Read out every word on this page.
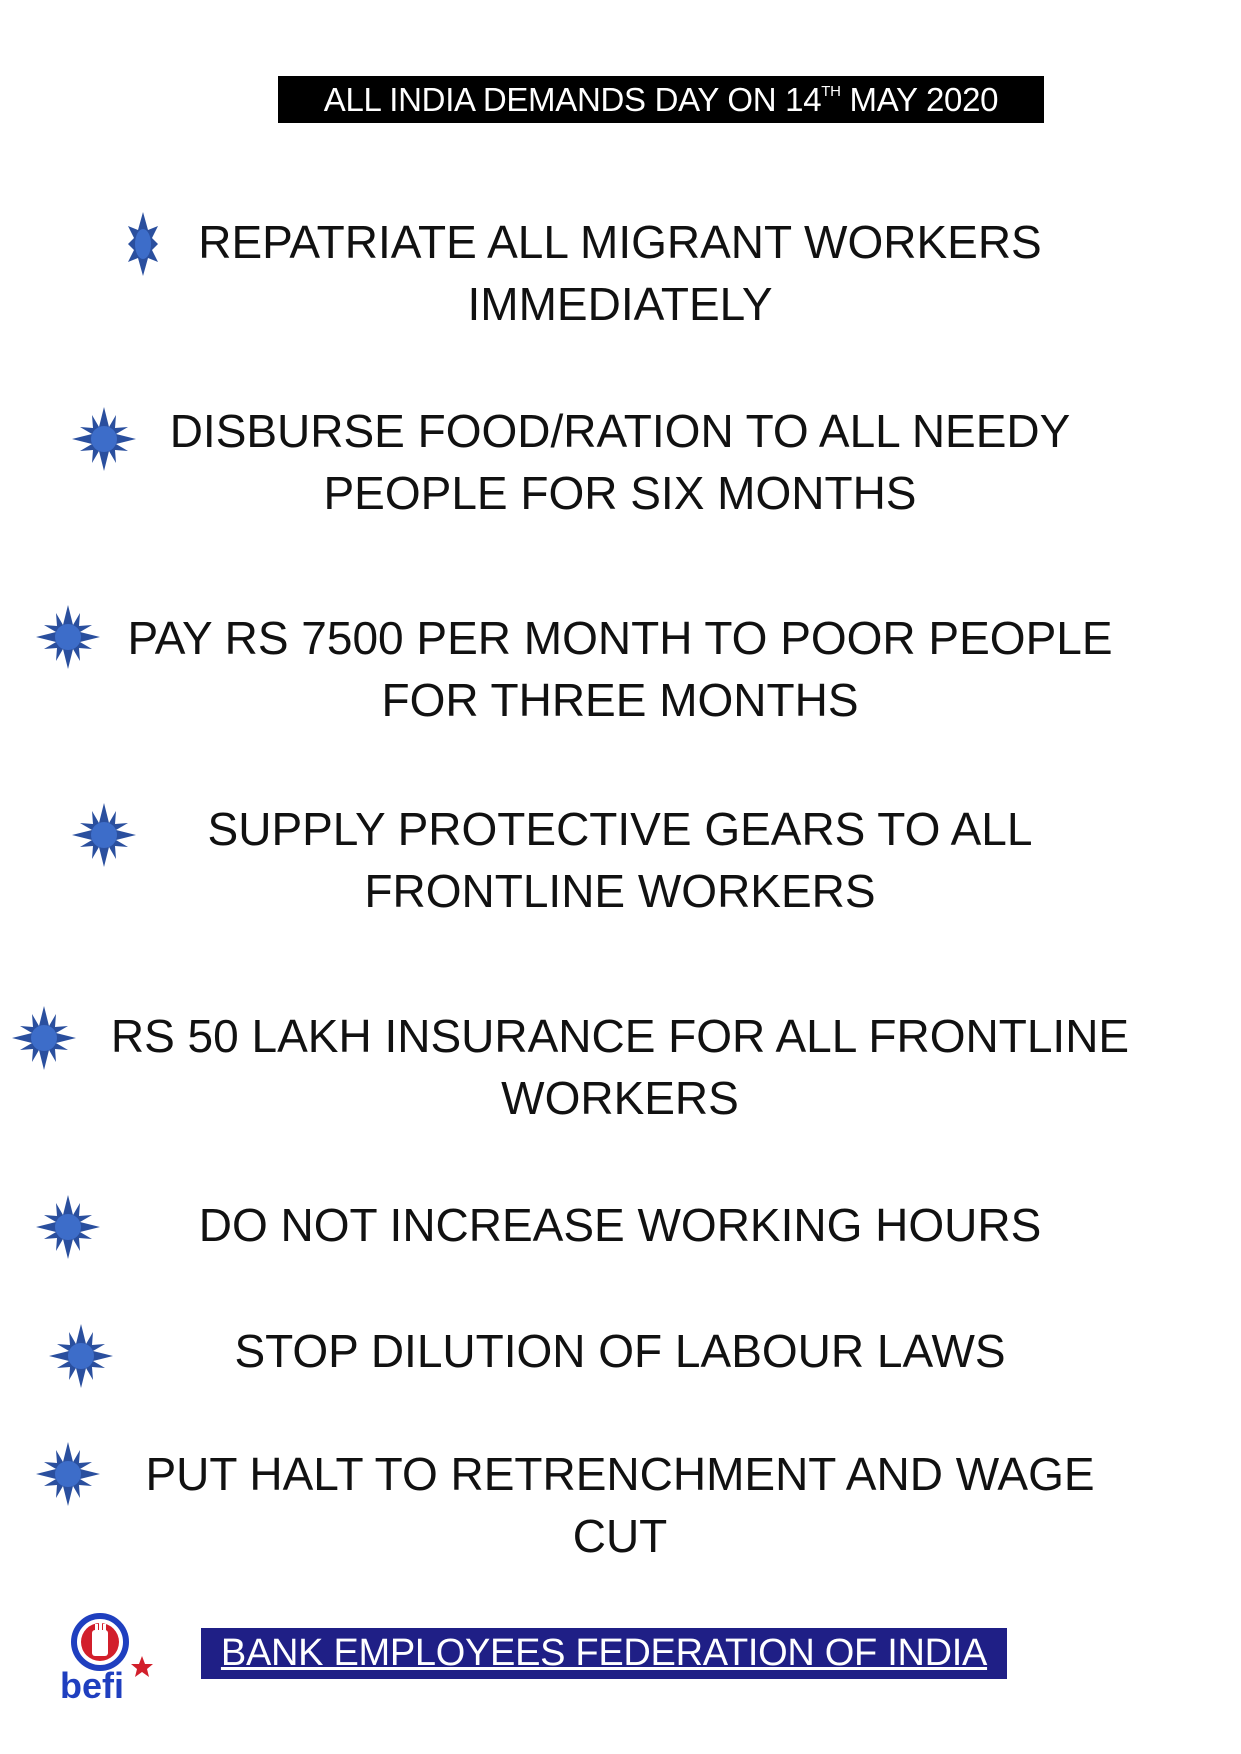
ALL INDIA DEMANDS DAY ON 14TH MAY 2020
REPATRIATE ALL MIGRANT WORKERS
IMMEDIATELY
DISBURSE FOOD/RATION TO ALL NEEDY
PEOPLE FOR SIX MONTHS
PAY RS 7500 PER MONTH TO POOR PEOPLE
FOR THREE MONTHS
SUPPLY PROTECTIVE GEARS TO ALL
FRONTLINE WORKERS
RS 50 LAKH INSURANCE FOR ALL FRONTLINE
WORKERS
DO NOT INCREASE WORKING HOURS
STOP DILUTION OF LABOUR LAWS
PUT HALT TO RETRENCHMENT AND WAGE
CUT
befi
BANK EMPLOYEES FEDERATION OF INDIA
